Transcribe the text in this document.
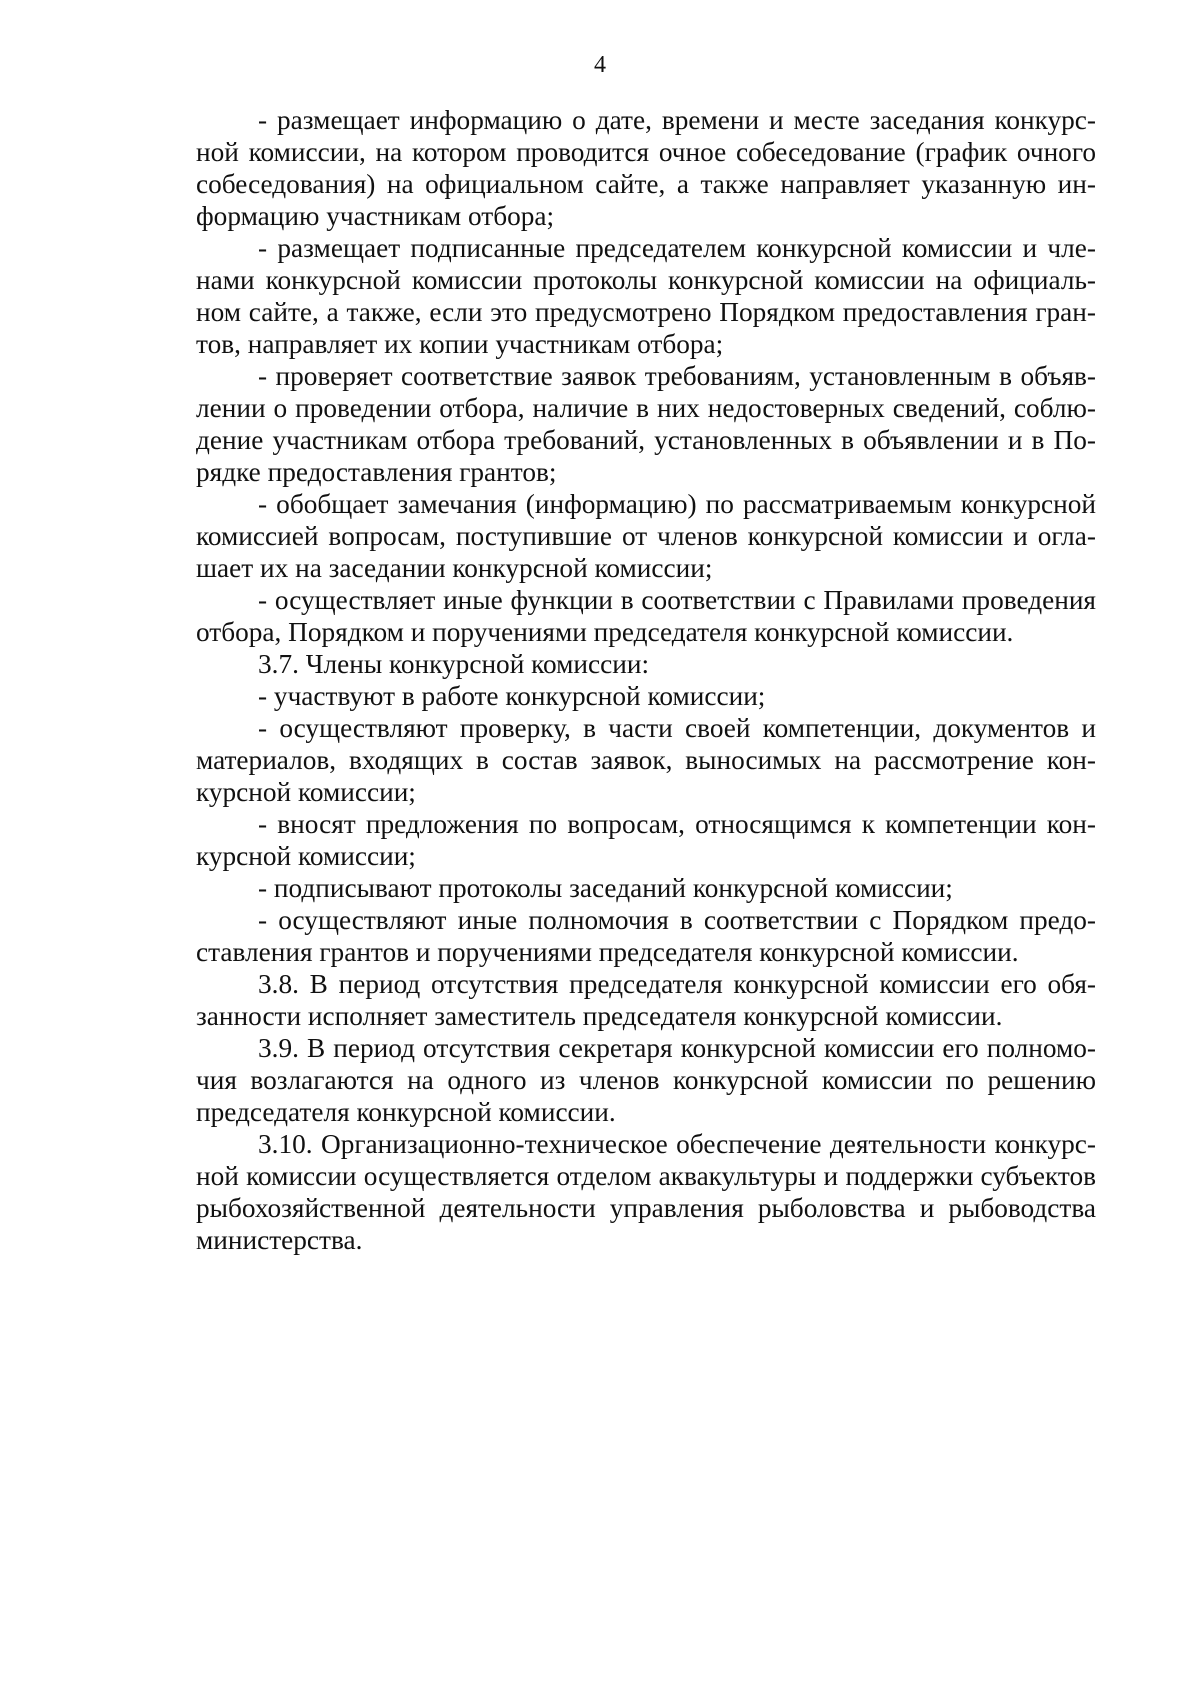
4
- размещает информацию о дате, времени и месте заседания конкурс-
ной комиссии, на котором проводится очное собеседование (график очного
собеседования) на официальном сайте, а также направляет указанную ин-
формацию участникам отбора;
- размещает подписанные председателем конкурсной комиссии и чле-
нами конкурсной комиссии протоколы конкурсной комиссии на официаль-
ном сайте, а также, если это предусмотрено Порядком предоставления гран-
тов, направляет их копии участникам отбора;
- проверяет соответствие заявок требованиям, установленным в объяв-
лении о проведении отбора, наличие в них недостоверных сведений, соблю-
дение участникам отбора требований, установленных в объявлении и в По-
рядке предоставления грантов;
- обобщает замечания (информацию) по рассматриваемым конкурсной
комиссией вопросам, поступившие от членов конкурсной комиссии и огла-
шает их на заседании конкурсной комиссии;
- осуществляет иные функции в соответствии с Правилами проведения
отбора, Порядком и поручениями председателя конкурсной комиссии.
3.7. Члены конкурсной комиссии:
- участвуют в работе конкурсной комиссии;
- осуществляют проверку, в части своей компетенции, документов и
материалов, входящих в состав заявок, выносимых на рассмотрение кон-
курсной комиссии;
- вносят предложения по вопросам, относящимся к компетенции кон-
курсной комиссии;
- подписывают протоколы заседаний конкурсной комиссии;
- осуществляют иные полномочия в соответствии с Порядком предо-
ставления грантов и поручениями председателя конкурсной комиссии.
3.8. В период отсутствия председателя конкурсной комиссии его обя-
занности исполняет заместитель председателя конкурсной комиссии.
3.9. В период отсутствия секретаря конкурсной комиссии его полномо-
чия возлагаются на одного из членов конкурсной комиссии по решению
председателя конкурсной комиссии.
3.10. Организационно-техническое обеспечение деятельности конкурс-
ной комиссии осуществляется отделом аквакультуры и поддержки субъектов
рыбохозяйственной деятельности управления рыболовства и рыбоводства
министерства.
